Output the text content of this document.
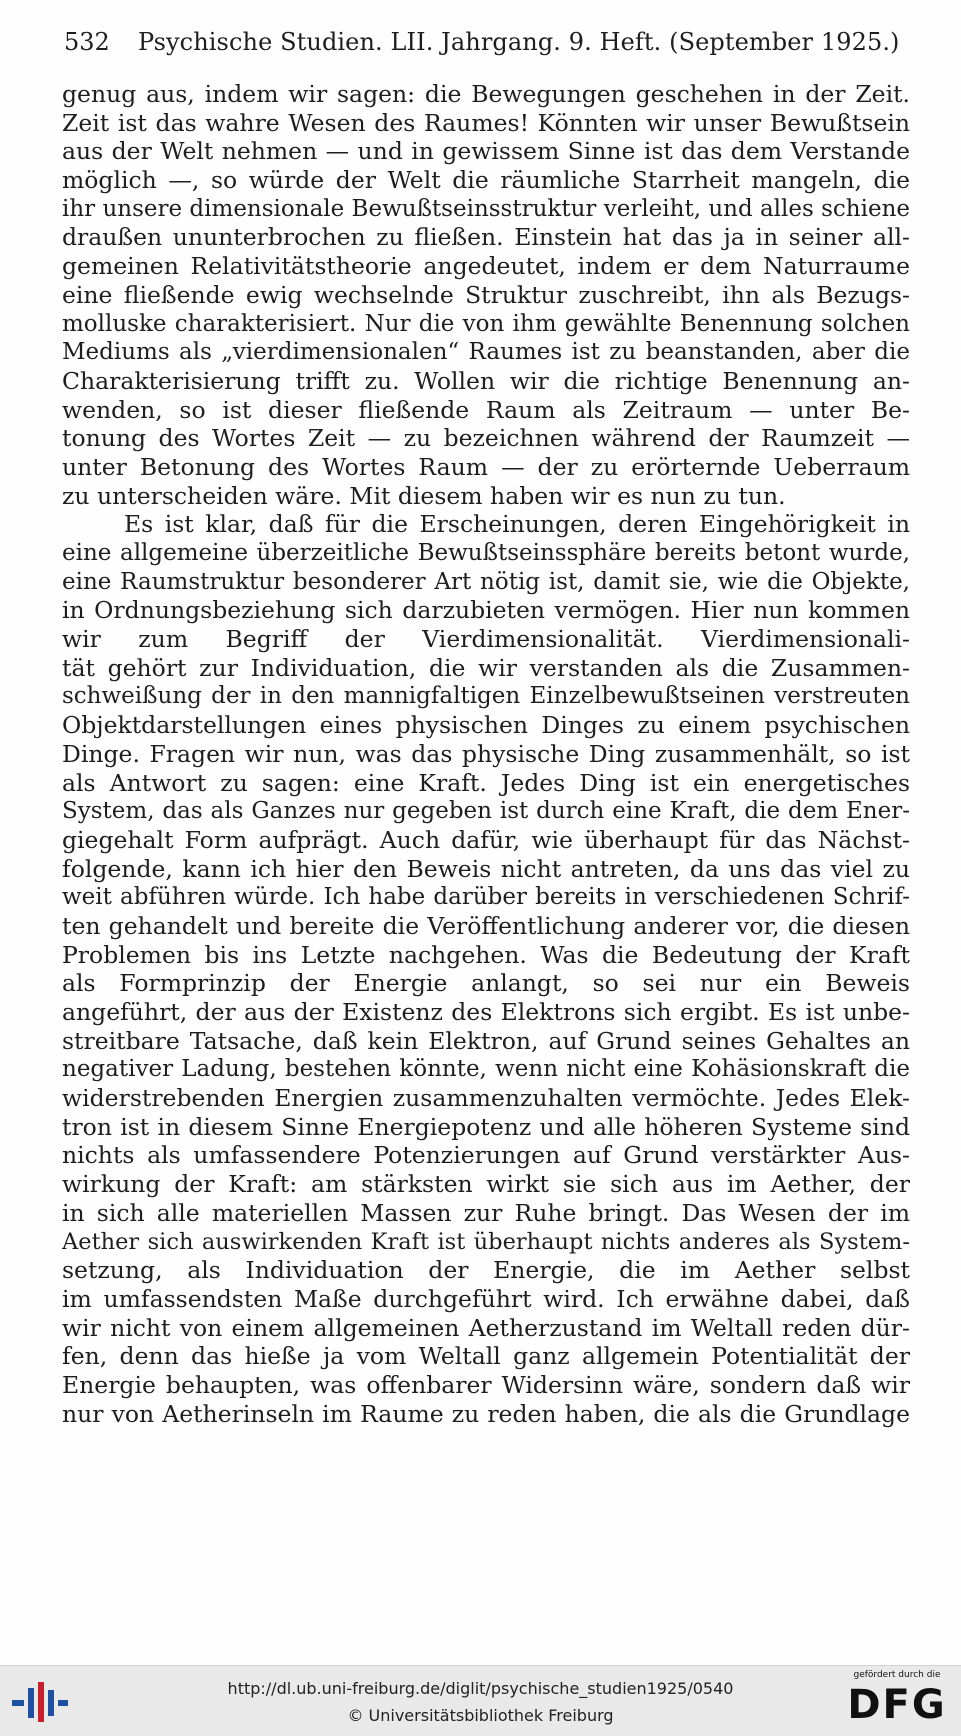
532 Psychische Studien. LII. Jahrgang. 9. Heft. (September 1925.)
genug aus, indem wir sagen: die Bewegungen geschehen in der Zeit.
Zeit ist das wahre Wesen des Raumes! Könnten wir unser Bewußtsein
aus der Welt nehmen — und in gewissem Sinne ist das dem Verstande
möglich —, so würde der Welt die räumliche Starrheit mangeln, die
ihr unsere dimensionale Bewußtseinsstruktur verleiht, und alles schiene
draußen ununterbrochen zu fließen. Einstein hat das ja in seiner all-
gemeinen Relativitätstheorie angedeutet, indem er dem Naturraume
eine fließende ewig wechselnde Struktur zuschreibt, ihn als Bezugs-
molluske charakterisiert. Nur die von ihm gewählte Benennung solchen
Mediums als „vierdimensionalen“ Raumes ist zu beanstanden, aber die
Charakterisierung trifft zu. Wollen wir die richtige Benennung an-
wenden, so ist dieser fließende Raum als Zeitraum — unter Be-
tonung des Wortes Zeit — zu bezeichnen während der Raumzeit —
unter Betonung des Wortes Raum — der zu erörternde Ueberraum
zu unterscheiden wäre. Mit diesem haben wir es nun zu tun.
Es ist klar, daß für die Erscheinungen, deren Eingehörigkeit in
eine allgemeine überzeitliche Bewußtseinssphäre bereits betont wurde,
eine Raumstruktur besonderer Art nötig ist, damit sie, wie die Objekte,
in Ordnungsbeziehung sich darzubieten vermögen. Hier nun kommen
wir zum Begriff der Vierdimensionalität. Vierdimensionali-
tät gehört zur Individuation, die wir verstanden als die Zusammen-
schweißung der in den mannigfaltigen Einzelbewußtseinen verstreuten
Objektdarstellungen eines physischen Dinges zu einem psychischen
Dinge. Fragen wir nun, was das physische Ding zusammenhält, so ist
als Antwort zu sagen: eine Kraft. Jedes Ding ist ein energetisches
System, das als Ganzes nur gegeben ist durch eine Kraft, die dem Ener-
giegehalt Form aufprägt. Auch dafür, wie überhaupt für das Nächst-
folgende, kann ich hier den Beweis nicht antreten, da uns das viel zu
weit abführen würde. Ich habe darüber bereits in verschiedenen Schrif-
ten gehandelt und bereite die Veröffentlichung anderer vor, die diesen
Problemen bis ins Letzte nachgehen. Was die Bedeutung der Kraft
als Formprinzip der Energie anlangt, so sei nur ein Beweis
angeführt, der aus der Existenz des Elektrons sich ergibt. Es ist unbe-
streitbare Tatsache, daß kein Elektron, auf Grund seines Gehaltes an
negativer Ladung, bestehen könnte, wenn nicht eine Kohäsionskraft die
widerstrebenden Energien zusammenzuhalten vermöchte. Jedes Elek-
tron ist in diesem Sinne Energiepotenz und alle höheren Systeme sind
nichts als umfassendere Potenzierungen auf Grund verstärkter Aus-
wirkung der Kraft: am stärksten wirkt sie sich aus im Aether, der
in sich alle materiellen Massen zur Ruhe bringt. Das Wesen der im
Aether sich auswirkenden Kraft ist überhaupt nichts anderes als System-
setzung, als Individuation der Energie, die im Aether selbst
im umfassendsten Maße durchgeführt wird. Ich erwähne dabei, daß
wir nicht von einem allgemeinen Aetherzustand im Weltall reden dür-
fen, denn das hieße ja vom Weltall ganz allgemein Potentialität der
Energie behaupten, was offenbarer Widersinn wäre, sondern daß wir
nur von Aetherinseln im Raume zu reden haben, die als die Grundlage
http://dl.ub.uni-freiburg.de/diglit/psychische_studien1925/0540
© Universitätsbibliothek Freiburg
gefördert durch die
DFG
